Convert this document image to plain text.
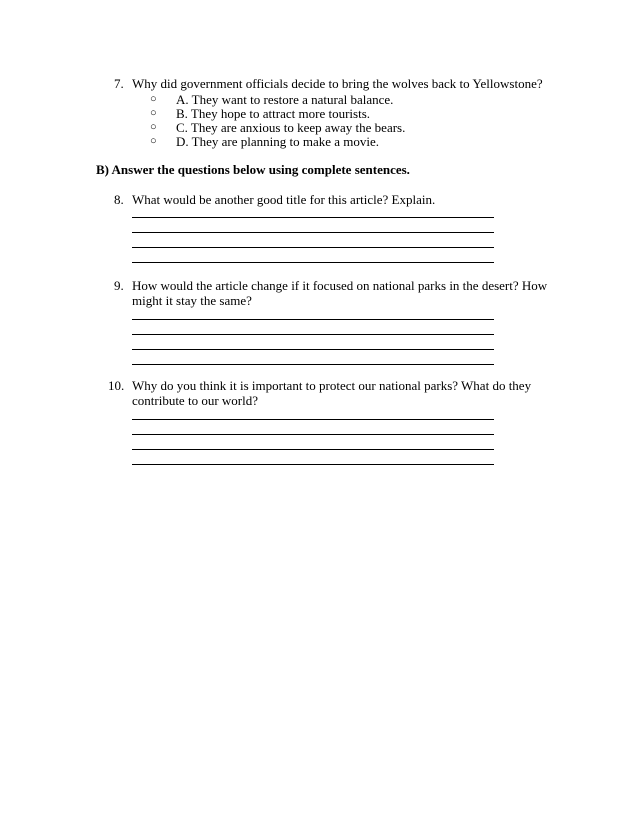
7. Why did government officials decide to bring the wolves back to Yellowstone?
○ A. They want to restore a natural balance.
○ B. They hope to attract more tourists.
○ C. They are anxious to keep away the bears.
○ D. They are planning to make a movie.
B) Answer the questions below using complete sentences.
8. What would be another good title for this article? Explain.
9. How would the article change if it focused on national parks in the desert? How
might it stay the same?
10. Why do you think it is important to protect our national parks? What do they
contribute to our world?
